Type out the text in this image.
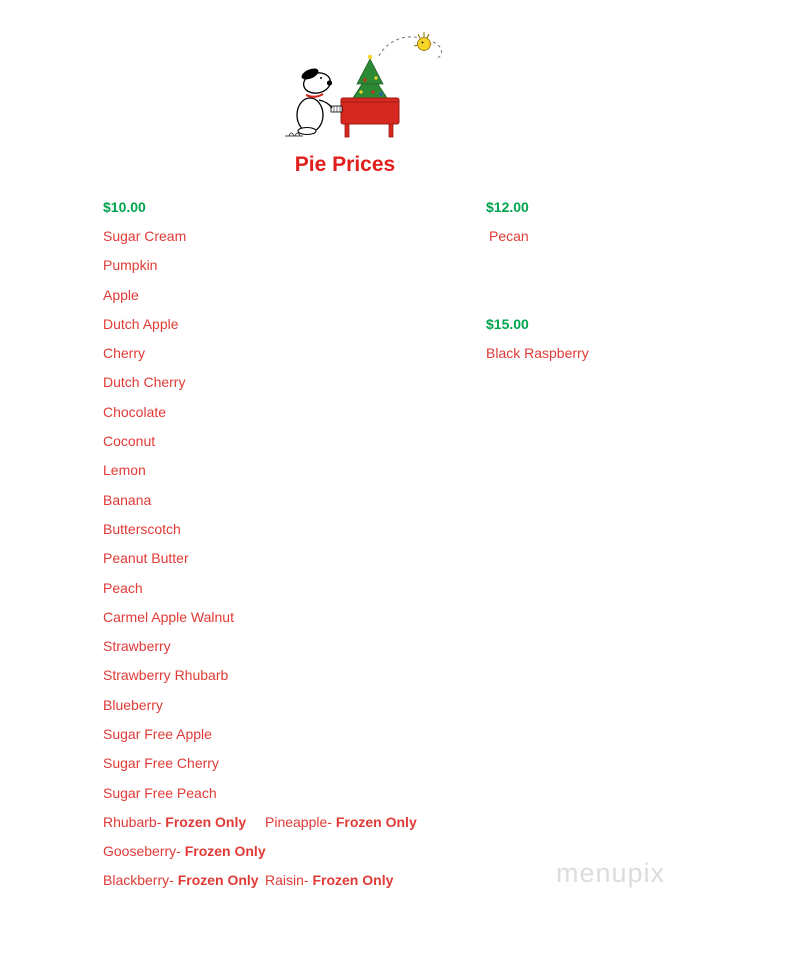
Pie Prices
$10.00
Sugar Cream
Pumpkin
Apple
Dutch Apple
Cherry
Dutch Cherry
Chocolate
Coconut
Lemon
Banana
Butterscotch
Peanut Butter
Peach
Carmel Apple Walnut
Strawberry
Strawberry Rhubarb
Blueberry
Sugar Free Apple
Sugar Free Cherry
Sugar Free Peach
Rhubarb- Frozen Only	Pineapple- Frozen Only
Gooseberry- Frozen Only
Blackberry- Frozen Only Raisin- Frozen Only
$12.00
Pecan
$15.00
Black Raspberry
menupix
